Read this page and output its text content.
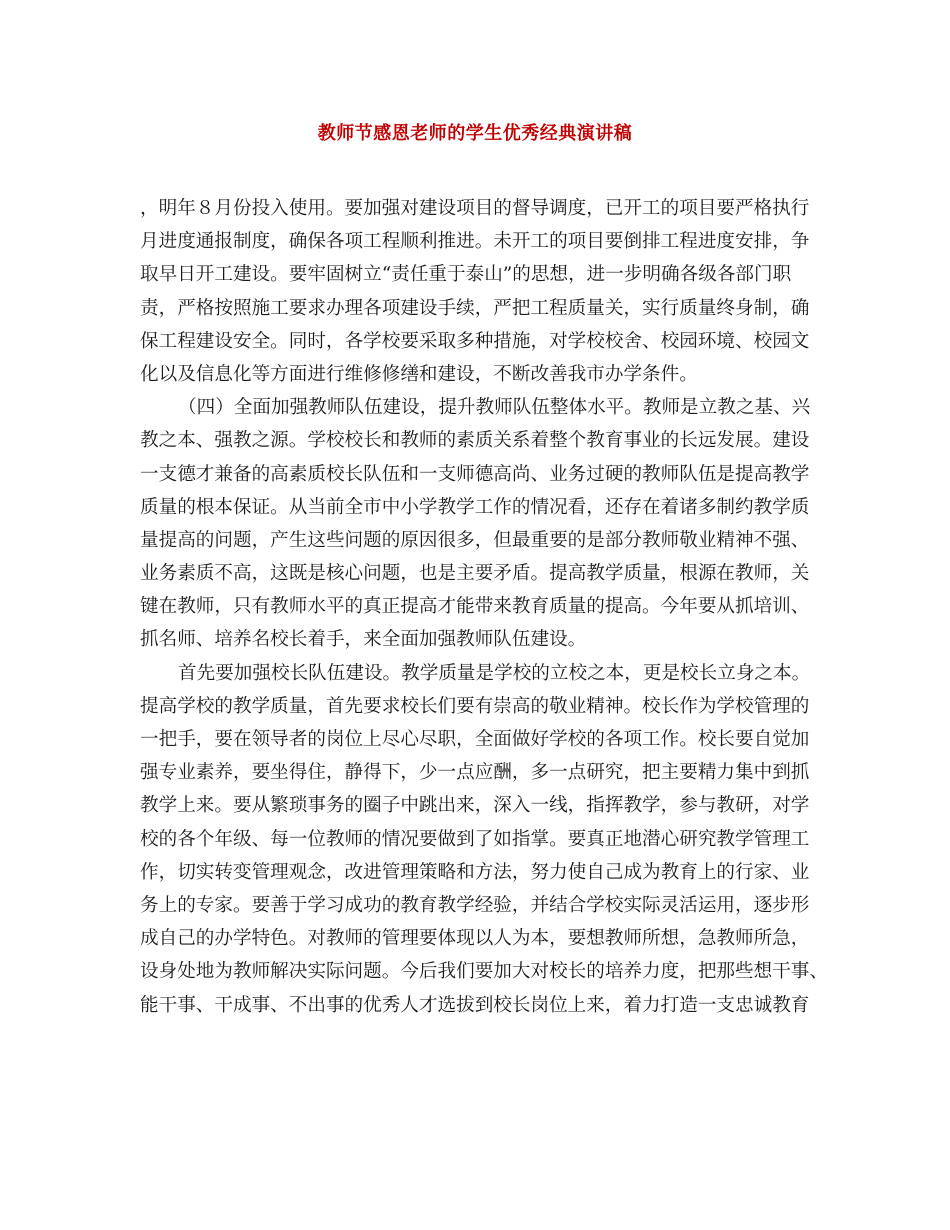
教师节感恩老师的学生优秀经典演讲稿
，明年８月份投入使用。要加强对建设项目的督导调度，已开工的项目要严格执行
月进度通报制度，确保各项工程顺利推进。未开工的项目要倒排工程进度安排，争
取早日开工建设。要牢固树立“责任重于泰山”的思想，进一步明确各级各部门职
责，严格按照施工要求办理各项建设手续，严把工程质量关，实行质量终身制，确
保工程建设安全。同时，各学校要采取多种措施，对学校校舍、校园环境、校园文
化以及信息化等方面进行维修修缮和建设，不断改善我市办学条件。
（四）全面加强教师队伍建设，提升教师队伍整体水平。教师是立教之基、兴
教之本、强教之源。学校校长和教师的素质关系着整个教育事业的长远发展。建设
一支德才兼备的高素质校长队伍和一支师德高尚、业务过硬的教师队伍是提高教学
质量的根本保证。从当前全市中小学教学工作的情况看，还存在着诸多制约教学质
量提高的问题，产生这些问题的原因很多，但最重要的是部分教师敬业精神不强、
业务素质不高，这既是核心问题，也是主要矛盾。提高教学质量，根源在教师，关
键在教师，只有教师水平的真正提高才能带来教育质量的提高。今年要从抓培训、
抓名师、培养名校长着手，来全面加强教师队伍建设。
首先要加强校长队伍建设。教学质量是学校的立校之本，更是校长立身之本。
提高学校的教学质量，首先要求校长们要有崇高的敬业精神。校长作为学校管理的
一把手，要在领导者的岗位上尽心尽职，全面做好学校的各项工作。校长要自觉加
强专业素养，要坐得住，静得下，少一点应酬，多一点研究，把主要精力集中到抓
教学上来。要从繁琐事务的圈子中跳出来，深入一线，指挥教学，参与教研，对学
校的各个年级、每一位教师的情况要做到了如指掌。要真正地潜心研究教学管理工
作，切实转变管理观念，改进管理策略和方法，努力使自己成为教育上的行家、业
务上的专家。要善于学习成功的教育教学经验，并结合学校实际灵活运用，逐步形
成自己的办学特色。对教师的管理要体现以人为本，要想教师所想，急教师所急，
设身处地为教师解决实际问题。今后我们要加大对校长的培养力度，把那些想干事、
能干事、干成事、不出事的优秀人才选拔到校长岗位上来，着力打造一支忠诚教育
